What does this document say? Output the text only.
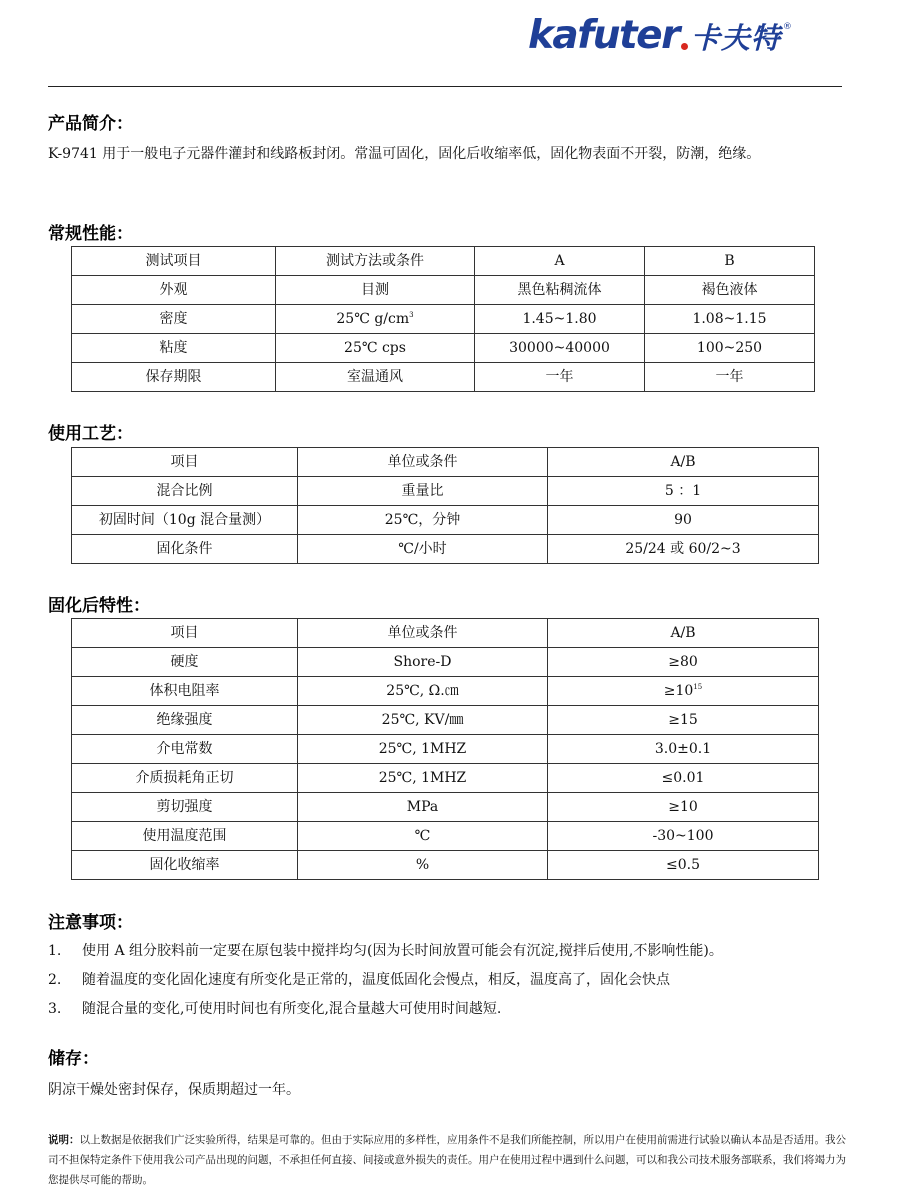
kafuter 卡夫特 ®
产品简介：

K-9741 用于一般电子元器件灌封和线路板封闭。常温可固化，固化后收缩率低，固化物表面不开裂，防潮，绝缘。

常规性能：
测试项目	测试方法或条件	A	B
外观	目测	黑色粘稠流体	褐色液体
密度	25℃ $g/cm^3$	1.45~1.80	1.08~1.15
粘度	25℃ cps	30000~40000	100~250
保存期限	室温通风	一年	一年
使用工艺：
项目	单位或条件	A/B
混合比例	重量比	5 ：1
初固时间（10g 混合量测）	25℃，分钟	90
固化条件	℃/小时	25/24 或 60/2~3
固化后特性：
项目	单位或条件	A/B
硬度	Shore-D	≥80
体积电阻率	25℃, Ω.㎝	$\ge 10^{15}$
绝缘强度	25℃, KV/㎜	≥15
介电常数	25℃, 1MHZ	3.0±0.1
介质损耗角正切	25℃, 1MHZ	≤0.01
剪切强度	MPa	≥10
使用温度范围	℃	-30~100
固化收缩率	%	≤0.5
注意事项：
1.	使用 A 组分胶料前一定要在原包装中搅拌均匀(因为长时间放置可能会有沉淀,搅拌后使用,不影响性能)。
2.	随着温度的变化固化速度有所变化是正常的，温度低固化会慢点，相反，温度高了，固化会快点
3.	随混合量的变化,可使用时间也有所变化,混合量越大可使用时间越短.
储存：

阴凉干燥处密封保存，保质期超过一年。

说明：以上数据是依据我们广泛实验所得，结果是可靠的。但由于实际应用的多样性，应用条件不是我们所能控制，所以用户在使用前需进行试验以确认本品是否适用。我公司不担保特定条件下使用我公司产品出现的问题，不承担任何直接、间接或意外损失的责任。用户在使用过程中遇到什么问题，可以和我公司技术服务部联系，我们将竭力为您提供尽可能的帮助。
